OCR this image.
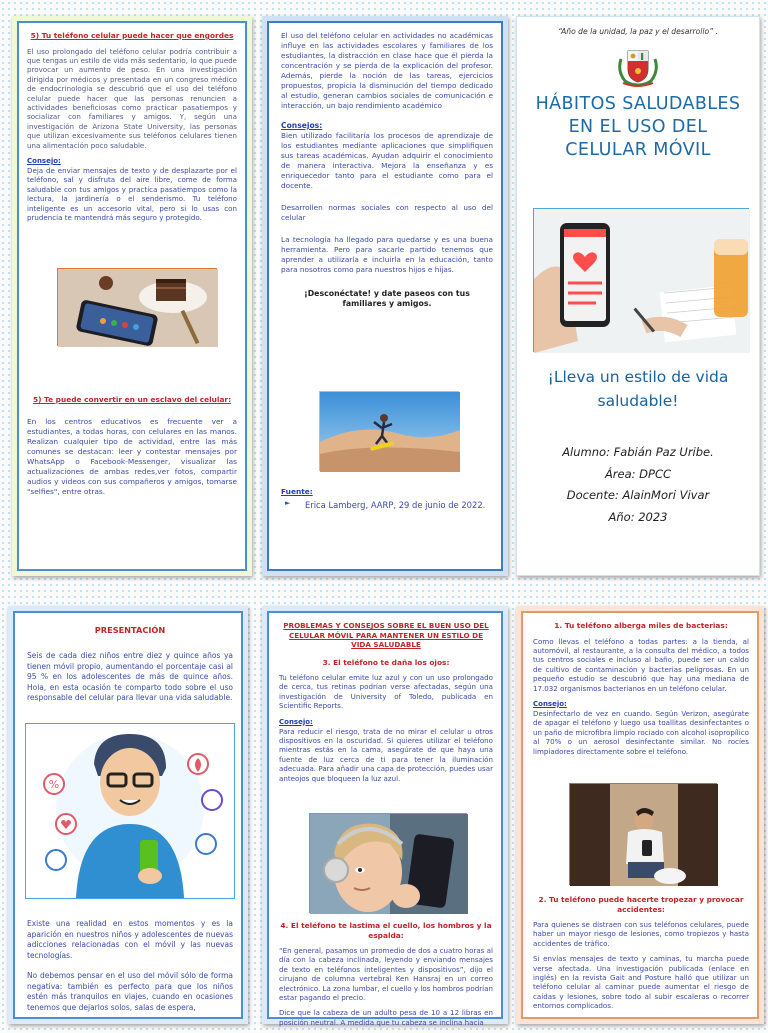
5) Tu teléfono celular puede hacer que engordes

El uso prolongado del teléfono celular podría contribuir a que tengas un estilo de vida más sedentario, lo que puede provocar un aumento de peso. En una investigación dirigida por médicos y presentada en un congreso médico de endocrinología se descubrió que el uso del teléfono celular puede hacer que las personas renuncien a actividades beneficiosas como practicar pasatiempos y socializar con familiares y amigos. Y, según una investigación de Arizona State University, las personas que utilizan excesivamente sus teléfonos celulares tienen una alimentación poco saludable.

Consejo:

Deja de enviar mensajes de texto y de desplazarte por el teléfono, sal y disfruta del aire libre, come de forma saludable con tus amigos y practica pasatiempos como la lectura, la jardinería o el senderismo. Tu teléfono inteligente es un accesorio vital, pero si lo usas con prudencia te mantendrá más seguro y protegido.

5) Te puede convertir en un esclavo del celular:

En los centros educativos es frecuente ver a estudiantes, a todas horas, con celulares en las manos. Realizan cualquier tipo de actividad, entre las más comunes se destacan: leer y contestar mensajes por WhatsApp o Facebook-Messenger, visualizar las actualizaciones de ambas redes,ver fotos, compartir audios y videos con sus compañeros y amigos, tomarse "selfies", entre otras.

El uso del teléfono celular en actividades no académicas influye en las actividades escolares y familiares de los estudiantes, la distracción en clase hace que él pierda la concentración y se pierda de la explicación del profesor. Además, pierde la noción de las tareas, ejercicios propuestos, propicia la disminución del tiempo dedicado al estudio, generan cambios sociales de comunicación e interacción, un bajo rendimiento académico

Consejos:

Bien utilizado facilitaría los procesos de aprendizaje de los estudiantes mediante aplicaciones que simplifiquen sus tareas académicas. Ayudan adquirir el conocimiento de manera interactiva. Mejora la enseñanza y es enriquecedor tanto para el estudiante como para el docente.

Desarrollen normas sociales con respecto al uso del celular

La tecnología ha llegado para quedarse y es una buena herramienta. Pero para sacarle partido tenemos que aprender a utilizarla e incluirla en la educación, tanto para nosotros como para nuestros hijos e hijas.

¡Desconéctate! y date paseos con tus familiares y amigos.

Fuente:

►	Erica Lamberg, AARP, 29 de junio de 2022.
“Año de la unidad, la paz y el desarrollo” .
HÁBITOS SALUDABLES EN EL USO DEL CELULAR MÓVIL
¡Lleva un estilo de vida saludable!
Alumno: Fabián Paz Uribe.
Área: DPCC
Docente: AlainMori Vivar
Año: 2023

PRESENTACIÓN

Seis de cada diez niños entre diez y quince años ya tienen móvil propio, aumentando el porcentaje casi al 95 % en los adolescentes de más de quince años. Hola, en esta ocasión te comparto todo sobre el uso responsable del celular para llevar una vida saludable.

%

Existe una realidad en estos momentos y es la aparición en nuestros niños y adolescentes de nuevas adicciones relacionadas con el móvil y las nuevas tecnologías.

No debemos pensar en el uso del móvil sólo de forma negativa: también es perfecto para que los niños estén más tranquilos en viajes, cuando en ocasiones tenemos que dejarlos solos, salas de espera,

PROBLEMAS Y CONSEJOS SOBRE EL BUEN USO DEL CELULAR MÓVIL PARA MANTENER UN ESTILO DE VIDA SALUDABLE

3. El teléfono te daña los ojos:

Tu teléfono celular emite luz azul y con un uso prolongado de cerca, tus retinas podrían verse afectadas, según una investigación de University of Toledo, publicada en Scientific Reports.

Consejo:

Para reducir el riesgo, trata de no mirar el celular u otros dispositivos en la oscuridad. Si quieres utilizar el teléfono mientras estás en la cama, asegúrate de que haya una fuente de luz cerca de ti para tener la iluminación adecuada. Para añadir una capa de protección, puedes usar anteojos que bloqueen la luz azul.

4. El teléfono te lastima el cuello, los hombros y la espalda:

“En general, pasamos un promedio de dos a cuatro horas al día con la cabeza inclinada, leyendo y enviando mensajes de texto en teléfonos inteligentes y dispositivos”, dijo el cirujano de columna vertebral Ken Hansraj en un correo electrónico. La zona lumbar, el cuello y los hombros podrían estar pagando el precio.

Dice que la cabeza de un adulto pesa de 10 a 12 libras en posición neutral. A medida que tu cabeza se inclina hacia

1. Tu teléfono alberga miles de bacterias:

Como llevas el teléfono a todas partes: a la tienda, al automóvil, al restaurante, a la consulta del médico, a todos tus centros sociales e incluso al baño, puede ser un caldo de cultivo de contaminación y bacterias peligrosas. En un pequeño estudio se descubrió que hay una mediana de 17.032 organismos bacterianos en un teléfono celular.

Consejo:

Desinfectarlo de vez en cuando. Según Verizon, asegúrate de apagar el teléfono y luego usa toallitas desinfectantes o un paño de microfibra limpio rociado con alcohol isopropílico al 70% o un aerosol desinfectante similar. No rocíes limpiadores directamente sobre el teléfono.

2. Tu teléfono puede hacerte tropezar y provocar accidentes:

Para quienes se distraen con sus teléfonos celulares, puede haber un mayor riesgo de lesiones, como tropiezos y hasta accidentes de tráfico.

Si envías mensajes de texto y caminas, tu marcha puede verse afectada. Una investigación publicada (enlace en inglés) en la revista Gait and Posture halló que utilizar un teléfono celular al caminar puede aumentar el riesgo de caídas y lesiones, sobre todo al subir escaleras o recorrer entornos complicados.
